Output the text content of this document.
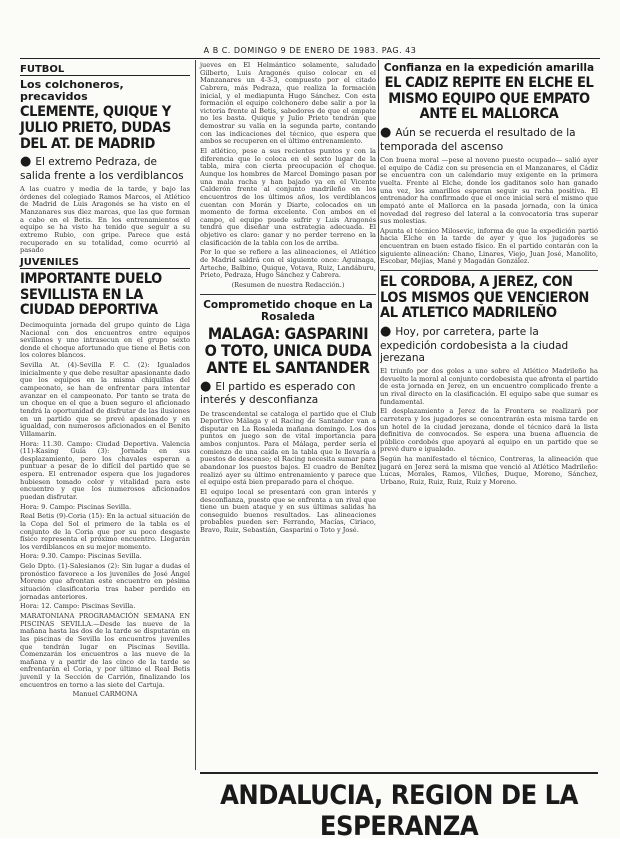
A B C. DOMINGO 9 DE ENERO DE 1983. PAG. 43
FUTBOL
Los colchoneros, precavidos
CLEMENTE, QUIQUE Y JULIO PRIETO, DUDAS DEL AT. DE MADRID
● El extremo Pedraza, de salida frente a los verdiblancos

A las cuatro y media de la tarde, y bajo las órdenes del colegiado Ramos Marcos, el Atlético de Madrid de Luis Aragonés se ha visto en el Manzanares sus diez marcas, que las que forman a cabo en el Betis. En los entrenamientos el equipo se ha visto ha tenido que seguir a su extremo Rubio, con gripe. Parece que está recuperado en su totalidad, como ocurrió al pasado

JUVENILES
IMPORTANTE DUELO SEVILLISTA EN LA CIUDAD DEPORTIVA

Decimoquinta jornada del grupo quinto de Liga Nacional con dos encuentros entre equipos sevillanos y uno intrasecun en el grupo sexto donde el choque afortunado que tiene el Betis con los colores blancos.

Sevilla At. (4)-Sevilla F. C. (2): Igualados inicialmente y que debe resultar apasionante dado que los equipos en la misma chiquillas del campeonato, se han de enfrentar para intentar avanzar en el campeonato. Por tanto se trata de un choque en el que a buen seguro el aficionado tendrá la oportunidad de disfrutar de las ilusiones en un partido que se prevé apasionado y en igualdad, con numerosos aficionados en el Benito Villamarín.

Hora: 11.30. Campo: Ciudad Deportiva. Valencia (11)-Kasing Guía (3): Jornada en sus desplazamiento, pero los chavales esperan a puntuar a pesar de lo difícil del partido que se espera. El entrenador espera que los jugadores hubiesen tomado color y vitalidad para este encuentro y que los numerosos aficionados puedan disfrutar.

Hora: 9. Campo: Piscinas Sevilla.

Real Betis (9)-Coria (15): En la actual situación de la Copa del Sol el primero de la tabla es el conjunto de la Coria que por su poco desgaste físico representa el próximo encuentro. Llegarán los verdiblancos en su mejor momento.

Hora: 9.30. Campo: Piscinas Sevilla.

Gelo Dpto. (1)-Salesianos (2): Sin lugar a dudas el pronóstico favorece a los juveniles de José Ángel Moreno que afrontan este encuentro en pésima situación clasificatoria tras haber perdido en jornadas anteriores.

Hora: 12. Campo: Piscinas Sevilla.

MARATONIANA PROGRAMACIÓN SEMANA EN PISCINAS SEVILLA.—Desde las nueve de la mañana hasta las dos de la tarde se disputarán en las piscinas de Sevilla los encuentros juveniles que tendrán lugar en Piscinas Sevilla. Comenzarán los encuentros a las nueve de la mañana y a partir de las cinco de la tarde se enfrentarán el Coria, y por último el Real Betis juvenil y la Sección de Carrión, finalizando los encuentros en torno a las siete del Cartuja.

Manuel CARMONA

jueves en El Helmántico solamente, saludado Gilberto, Luis Aragonés quiso colocar en el Manzanares un 4-3-3, compuesto por el citado Cabrera, más Pedraza, que realiza la formación inicial, y el mediapunta Hugo Sánchez. Con esta formación el equipo colchonero debe salir a por la victoria frente al Betis, sabedores de que el empate no les basta. Quique y Julio Prieto tendrán que demostrar su valía en la segunda parte, contando con las indicaciones del técnico, que espera que ambos se recuperen en el último entrenamiento.

El atlético, pese a sus recientes puntos y con la diferencia que le coloca en el sexto lugar de la tabla, mira con cierta preocupación el choque. Aunque los hombres de Marcel Domingo pasan por una mala racha y han bajado ya en el Vicente Calderón frente al conjunto madrileño en los encuentros de los últimos años, los verdiblancos cuentan con Morán y Diarte, colocados en un momento de forma excelente. Con ambos en el campo, el equipo puede sufrir y Luis Aragonés tendrá que diseñar una estrategia adecuada. El objetivo es claro: ganar y no perder terreno en la clasificación de la tabla con los de arriba.

Por lo que se refiere a las alineaciones, el Atlético de Madrid saldrá con el siguiente once: Aguinaga, Arteche, Balbino, Quique, Votava, Ruiz, Landáburu, Prieto, Pedraza, Hugo Sánchez y Cabrera.

(Resumen de nuestra Redacción.)

Comprometido choque en La Rosaleda
MALAGA: GASPARINI O TOTO, UNICA DUDA ANTE EL SANTANDER
● El partido es esperado con interés y desconfianza

De trascendental se cataloga el partido que el Club Deportivo Málaga y el Racing de Santander van a disputar en La Rosaleda mañana domingo. Los dos puntos en juego son de vital importancia para ambos conjuntos. Para el Málaga, perder sería el comienzo de una caída en la tabla que le llevaría a puestos de descenso; el Racing necesita sumar para abandonar los puestos bajos. El cuadro de Benítez realizó ayer su último entrenamiento y parece que el equipo está bien preparado para el choque.

El equipo local se presentará con gran interés y desconfianza, puesto que se enfrenta a un rival que tiene un buen ataque y en sus últimas salidas ha conseguido buenos resultados. Las alineaciones probables pueden ser: Ferrando, Macías, Ciriaco, Bravo, Ruiz, Sebastián, Gasparini o Toto y José.

Confianza en la expedición amarilla
EL CADIZ REPITE EN ELCHE EL MISMO EQUIPO QUE EMPATO ANTE EL MALLORCA
● Aún se recuerda el resultado de la temporada del ascenso

Con buena moral —pese al noveno puesto ocupado— salió ayer el equipo de Cádiz con su presencia en el Manzanares, el Cádiz se encuentra con un calendario muy exigente en la primera vuelta. Frente al Elche, donde los gaditanos solo han ganado una vez, los amarillos esperan seguir su racha positiva. El entrenador ha confirmado que el once inicial será el mismo que empató ante el Mallorca en la pasada jornada, con la única novedad del regreso del lateral a la convocatoria tras superar sus molestias.

Apunta el técnico Milosevic, informa de que la expedición partió hacia Elche en la tarde de ayer y que los jugadores se encuentran en buen estado físico. En el partido contarán con la siguiente alineación: Chano, Linares, Viejo, Juan José, Manolito, Escobar, Mejías, Mané y Magadán González.

EL CORDOBA, A JEREZ, CON LOS MISMOS QUE VENCIERON AL ATLETICO MADRILEÑO
● Hoy, por carretera, parte la expedición cordobesista a la ciudad jerezana

El triunfo por dos goles a uno sobre el Atlético Madrileño ha devuelto la moral al conjunto cordobesista que afronta el partido de esta jornada en Jerez, en un encuentro complicado frente a un rival directo en la clasificación. El equipo sabe que sumar es fundamental.

El desplazamiento a Jerez de la Frontera se realizará por carretera y los jugadores se concentrarán esta misma tarde en un hotel de la ciudad jerezana, donde el técnico dará la lista definitiva de convocados. Se espera una buena afluencia de público cordobés que apoyará al equipo en un partido que se prevé duro e igualado.

Según ha manifestado el técnico, Contreras, la alineación que jugará en Jerez será la misma que venció al Atlético Madrileño: Lucas, Morales, Ramos, Vilches, Duque, Moreno, Sánchez, Urbano, Ruiz, Ruiz, Ruiz, Ruiz y Moreno.

ANDALUCIA, REGION DE LA ESPERANZA
